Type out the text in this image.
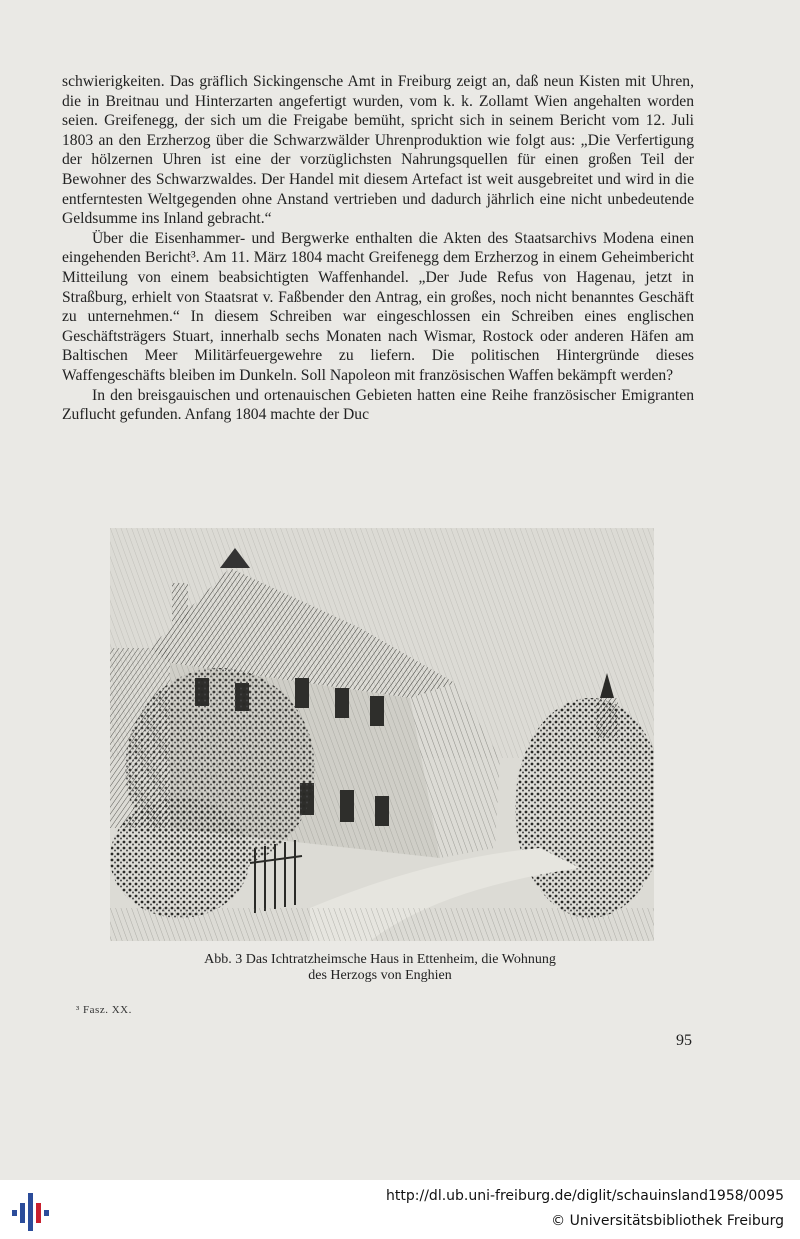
schwierigkeiten. Das gräflich Sickingensche Amt in Freiburg zeigt an, daß neun Kisten mit Uhren, die in Breitnau und Hinterzarten angefertigt wurden, vom k. k. Zollamt Wien angehalten worden seien. Greifenegg, der sich um die Freigabe bemüht, spricht sich in seinem Bericht vom 12. Juli 1803 an den Erzherzog über die Schwarzwälder Uhrenproduktion wie folgt aus: „Die Verfertigung der hölzernen Uhren ist eine der vorzüglichsten Nahrungsquellen für einen großen Teil der Bewohner des Schwarzwaldes. Der Handel mit diesem Artefact ist weit ausgebreitet und wird in die entferntesten Weltgegenden ohne Anstand vertrieben und dadurch jährlich eine nicht unbedeutende Geldsumme ins Inland gebracht.“

Über die Eisenhammer- und Bergwerke enthalten die Akten des Staatsarchivs Modena einen eingehenden Bericht³. Am 11. März 1804 macht Greifenegg dem Erzherzog in einem Geheimbericht Mitteilung von einem beabsichtigten Waffenhandel. „Der Jude Refus von Hagenau, jetzt in Straßburg, erhielt von Staatsrat v. Faßbender den Antrag, ein großes, noch nicht benanntes Geschäft zu unternehmen.“ In diesem Schreiben war eingeschlossen ein Schreiben eines englischen Geschäftsträgers Stuart, innerhalb sechs Monaten nach Wismar, Rostock oder anderen Häfen am Baltischen Meer Militärfeuergewehre zu liefern. Die politischen Hintergründe dieses Waffengeschäfts bleiben im Dunkeln. Soll Napoleon mit französischen Waffen bekämpft werden?

In den breisgauischen und ortenauischen Gebieten hatten eine Reihe französischer Emigranten Zuflucht gefunden. Anfang 1804 machte der Duc

Abb. 3 Das Ichtratzheimsche Haus in Ettenheim, die Wohnung
des Herzogs von Enghien
³ Fasz. XX.
95
http://dl.ub.uni-freiburg.de/diglit/schauinsland1958/0095
© Universitätsbibliothek Freiburg
